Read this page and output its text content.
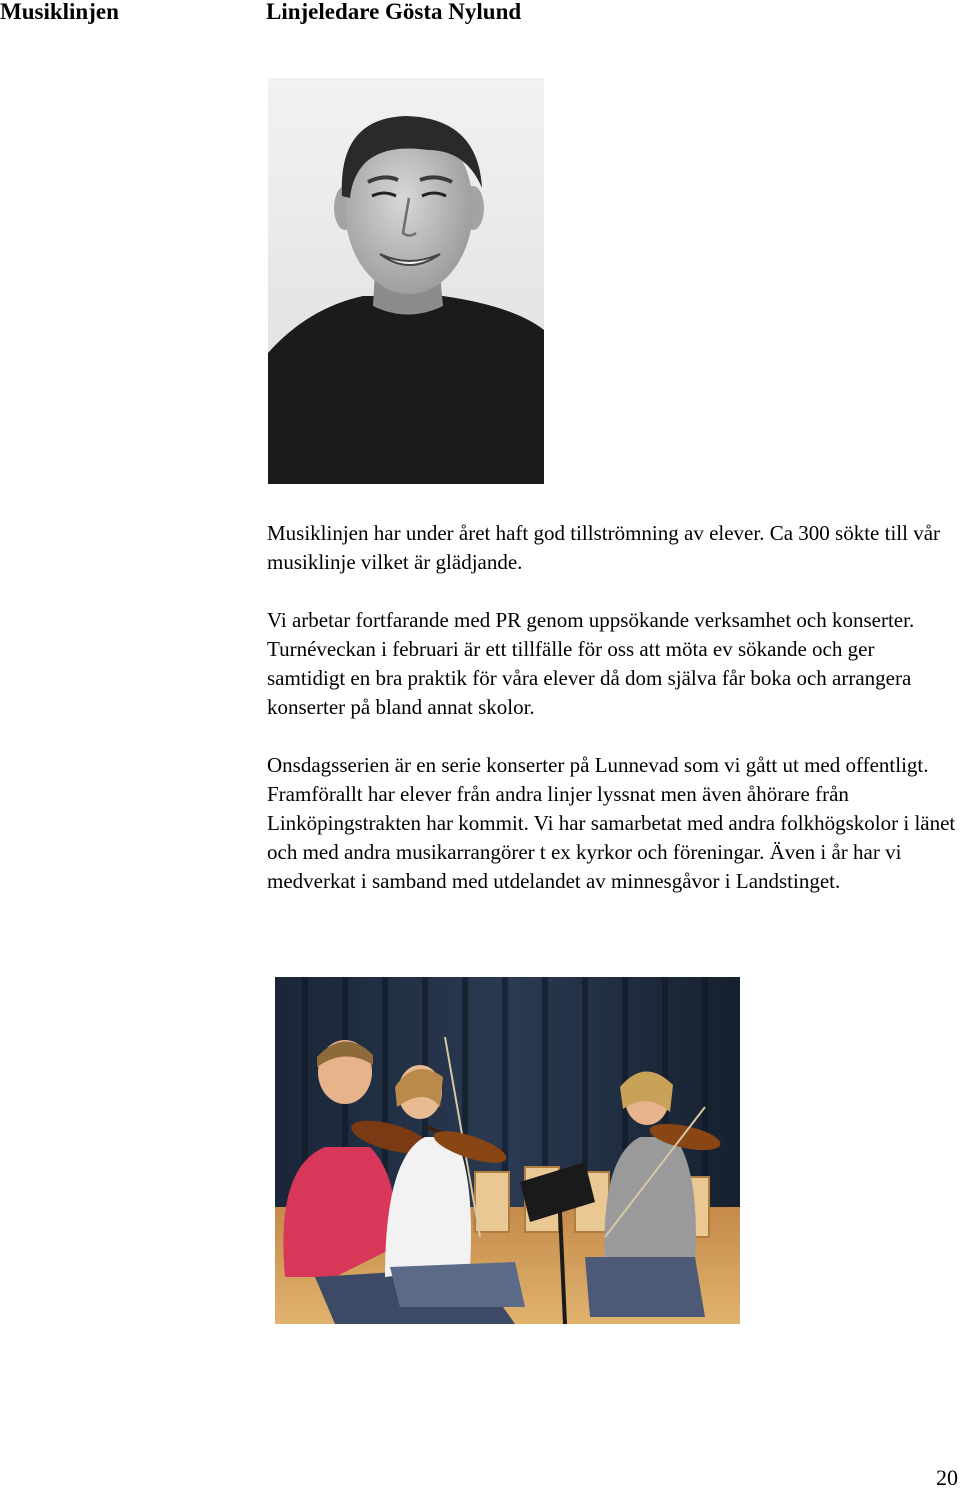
Musiklinjen	Linjeledare Gösta Nylund

Musiklinjen har under året haft god tillströmning av elever. Ca 300 sökte till vår musiklinje vilket är glädjande.

Vi arbetar fortfarande med PR genom uppsökande verksamhet och konserter. Turnéveckan i februari är ett tillfälle för oss att möta ev sökande och ger samtidigt en bra praktik för våra elever då dom själva får boka och arrangera konserter på bland annat skolor.

Onsdagsserien är en serie konserter på Lunnevad som vi gått ut med offentligt. Framförallt har elever från andra linjer lyssnat men även åhörare från Linköpingstrakten har kommit. Vi har samarbetat med andra folkhögskolor i länet och med andra musikarrangörer t ex kyrkor och föreningar. Även i år har vi medverkat i samband med utdelandet av minnesgåvor i Landstinget.

20
